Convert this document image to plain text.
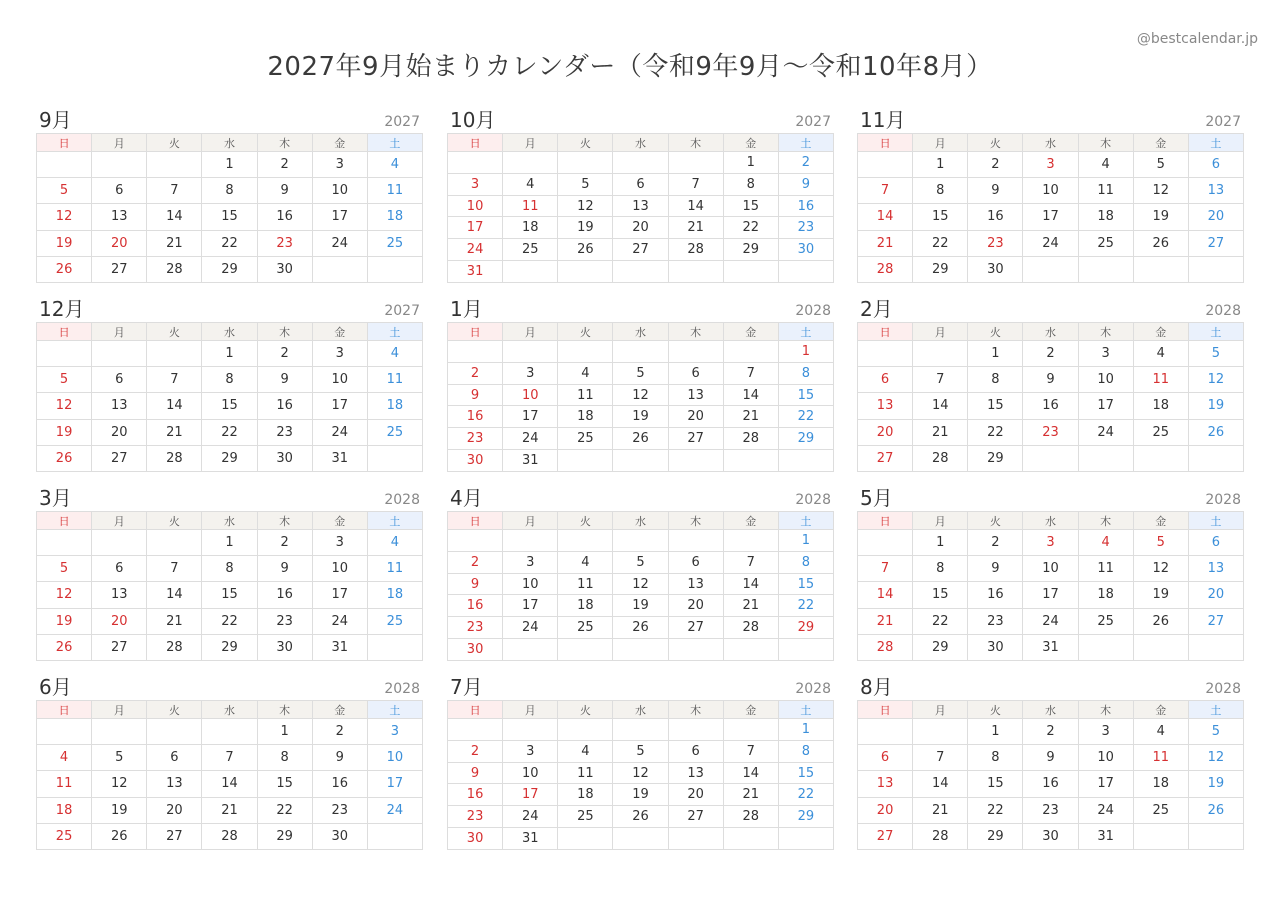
2027年9月始まりカレンダー（令和9年9月～令和10年8月）
@bestcalendar.jp
9月	2027
日	月	火	水	木	金	土
			1	2	3	4
5	6	7	8	9	10	11
12	13	14	15	16	17	18
19	20	21	22	23	24	25
26	27	28	29	30		
10月	2027
日	月	火	水	木	金	土
					1	2
3	4	5	6	7	8	9
10	11	12	13	14	15	16
17	18	19	20	21	22	23
24	25	26	27	28	29	30
31						
11月	2027
日	月	火	水	木	金	土
	1	2	3	4	5	6
7	8	9	10	11	12	13
14	15	16	17	18	19	20
21	22	23	24	25	26	27
28	29	30				
12月	2027
日	月	火	水	木	金	土
			1	2	3	4
5	6	7	8	9	10	11
12	13	14	15	16	17	18
19	20	21	22	23	24	25
26	27	28	29	30	31	
1月	2028
日	月	火	水	木	金	土
						1
2	3	4	5	6	7	8
9	10	11	12	13	14	15
16	17	18	19	20	21	22
23	24	25	26	27	28	29
30	31					
2月	2028
日	月	火	水	木	金	土
		1	2	3	4	5
6	7	8	9	10	11	12
13	14	15	16	17	18	19
20	21	22	23	24	25	26
27	28	29				
3月	2028
日	月	火	水	木	金	土
			1	2	3	4
5	6	7	8	9	10	11
12	13	14	15	16	17	18
19	20	21	22	23	24	25
26	27	28	29	30	31	
4月	2028
日	月	火	水	木	金	土
						1
2	3	4	5	6	7	8
9	10	11	12	13	14	15
16	17	18	19	20	21	22
23	24	25	26	27	28	29
30						
5月	2028
日	月	火	水	木	金	土
	1	2	3	4	5	6
7	8	9	10	11	12	13
14	15	16	17	18	19	20
21	22	23	24	25	26	27
28	29	30	31			
6月	2028
日	月	火	水	木	金	土
				1	2	3
4	5	6	7	8	9	10
11	12	13	14	15	16	17
18	19	20	21	22	23	24
25	26	27	28	29	30	
7月	2028
日	月	火	水	木	金	土
						1
2	3	4	5	6	7	8
9	10	11	12	13	14	15
16	17	18	19	20	21	22
23	24	25	26	27	28	29
30	31					
8月	2028
日	月	火	水	木	金	土
		1	2	3	4	5
6	7	8	9	10	11	12
13	14	15	16	17	18	19
20	21	22	23	24	25	26
27	28	29	30	31		
